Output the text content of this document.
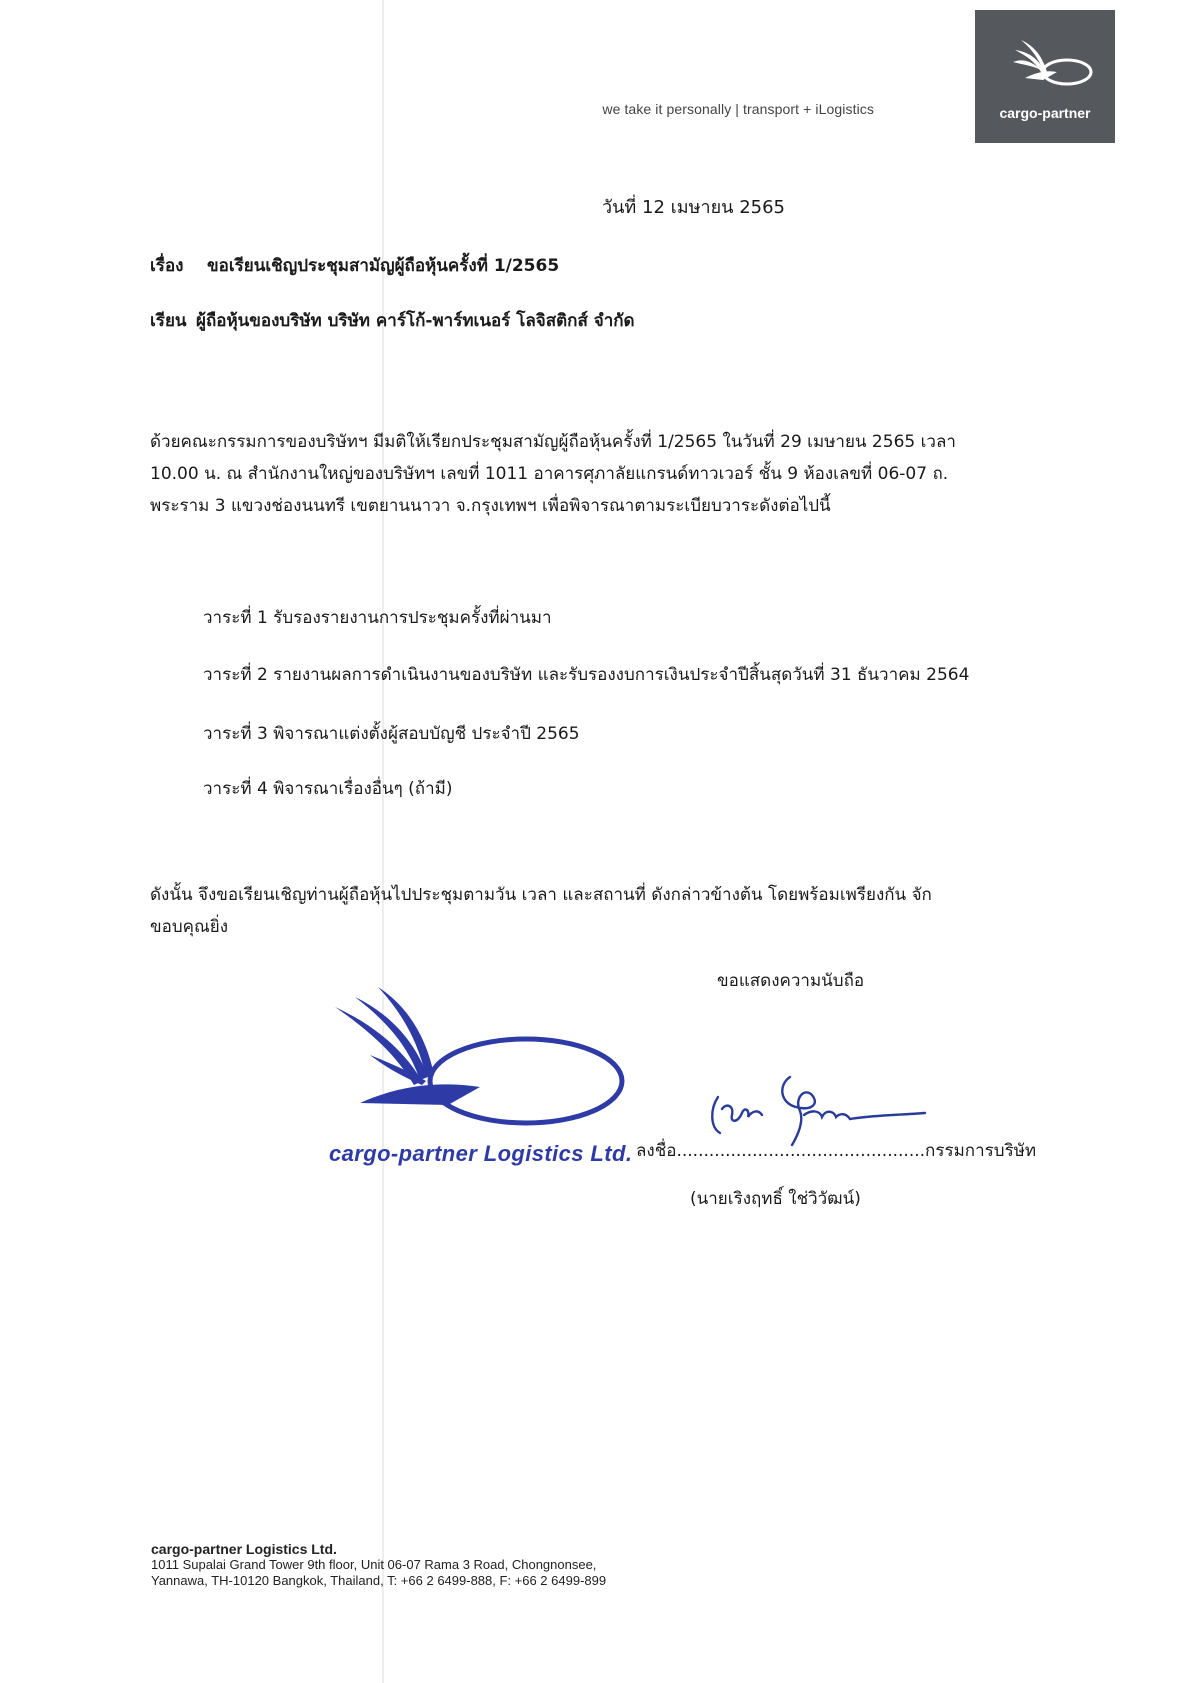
we take it personally | transport + iLogistics	cargo-partner
วันที่ 12 เมษายน 2565
เรื่อง ขอเรียนเชิญประชุมสามัญผู้ถือหุ้นครั้งที่ 1/2565
เรียน ผู้ถือหุ้นของบริษัท บริษัท คาร์โก้-พาร์ทเนอร์ โลจิสติกส์ จำกัด
ด้วยคณะกรรมการของบริษัทฯ มีมติให้เรียกประชุมสามัญผู้ถือหุ้นครั้งที่ 1/2565 ในวันที่ 29 เมษายน 2565 เวลา
10.00 น. ณ สำนักงานใหญ่ของบริษัทฯ เลขที่ 1011 อาคารศุภาลัยแกรนด์ทาวเวอร์ ชั้น 9 ห้องเลขที่ 06-07 ถ.
พระราม 3 แขวงช่องนนทรี เขตยานนาวา จ.กรุงเทพฯ เพื่อพิจารณาตามระเบียบวาระดังต่อไปนี้
วาระที่ 1 รับรองรายงานการประชุมครั้งที่ผ่านมา
วาระที่ 2 รายงานผลการดำเนินงานของบริษัท และรับรองงบการเงินประจำปีสิ้นสุดวันที่ 31 ธันวาคม 2564
วาระที่ 3 พิจารณาแต่งตั้งผู้สอบบัญชี ประจำปี 2565
วาระที่ 4 พิจารณาเรื่องอื่นๆ (ถ้ามี)
ดังนั้น จึงขอเรียนเชิญท่านผู้ถือหุ้นไปประชุมตามวัน เวลา และสถานที่ ดังกล่าวข้างต้น โดยพร้อมเพรียงกัน จัก
ขอบคุณยิ่ง
ขอแสดงความนับถือ
cargo-partner Logistics Ltd. ลงชื่อ..............................................กรรมการบริษัท
(นายเริงฤทธิ์ ใช่วิวัฒน์)
cargo-partner Logistics Ltd.
1011 Supalai Grand Tower 9th floor, Unit 06-07 Rama 3 Road, Chongnonsee,
Yannawa, TH-10120 Bangkok, Thailand, T: +66 2 6499-888, F: +66 2 6499-899
